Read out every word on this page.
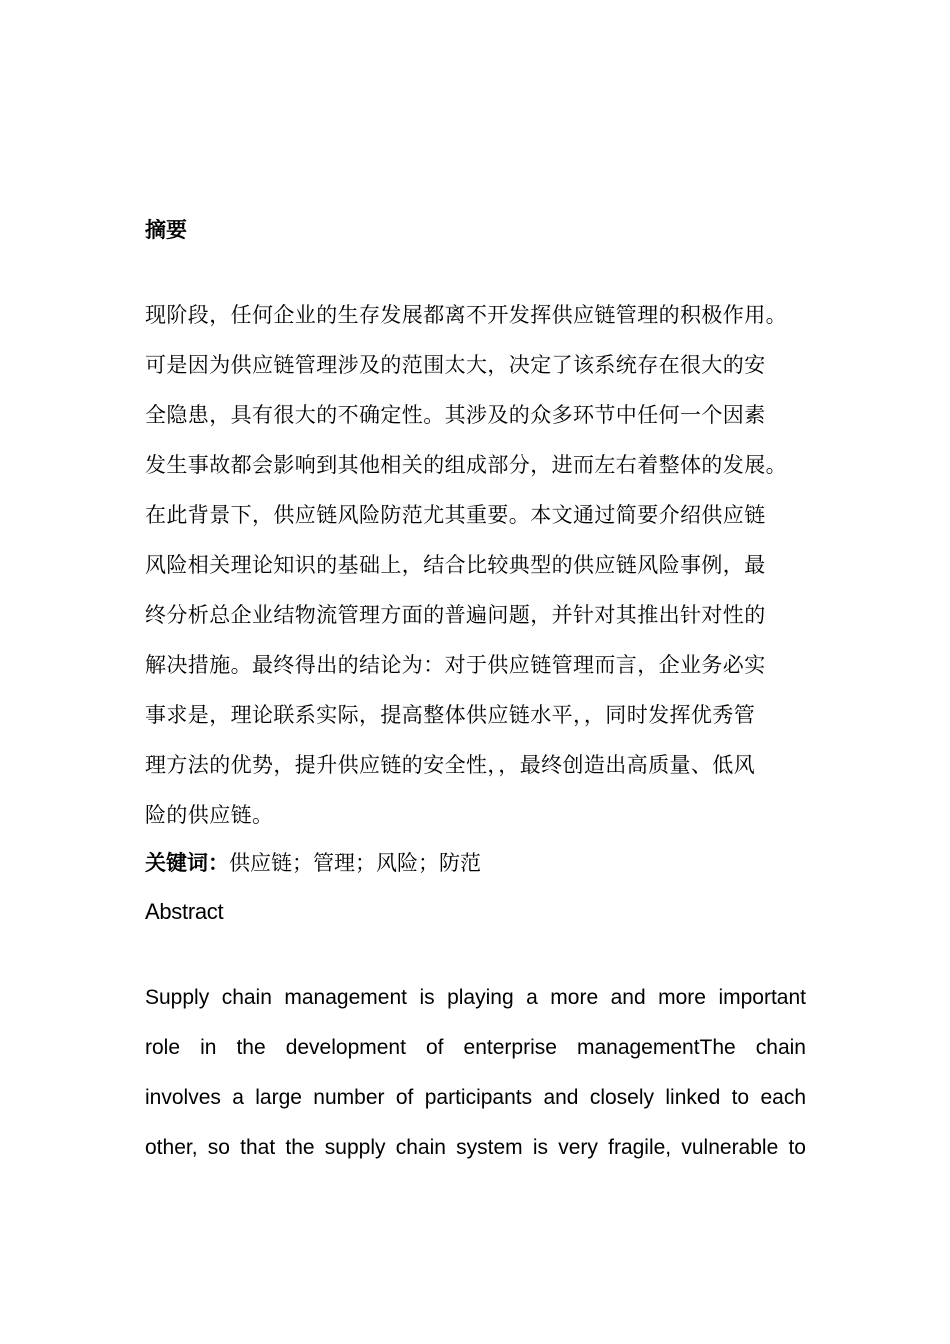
摘要

现阶段，任何企业的生存发展都离不开发挥供应链管理的积极作用。
可是因为供应链管理涉及的范围太大，决定了该系统存在很大的安
全隐患，具有很大的不确定性。其涉及的众多环节中任何一个因素
发生事故都会影响到其他相关的组成部分，进而左右着整体的发展。
在此背景下，供应链风险防范尤其重要。本文通过简要介绍供应链
风险相关理论知识的基础上，结合比较典型的供应链风险事例，最
终分析总企业结物流管理方面的普遍问题，并针对其推出针对性的
解决措施。最终得出的结论为：对于供应链管理而言，企业务必实
事求是，理论联系实际，提高整体供应链水平，，同时发挥优秀管
理方法的优势，提升供应链的安全性，，最终创造出高质量、低风
险的供应链。

关键词：供应链；管理；风险；防范
Abstract

Supply chain management is playing a more and more important
role in the development of enterprise managementThe chain
involves a large number of participants and closely linked to each
other, so that the supply chain system is very fragile, vulnerable to
